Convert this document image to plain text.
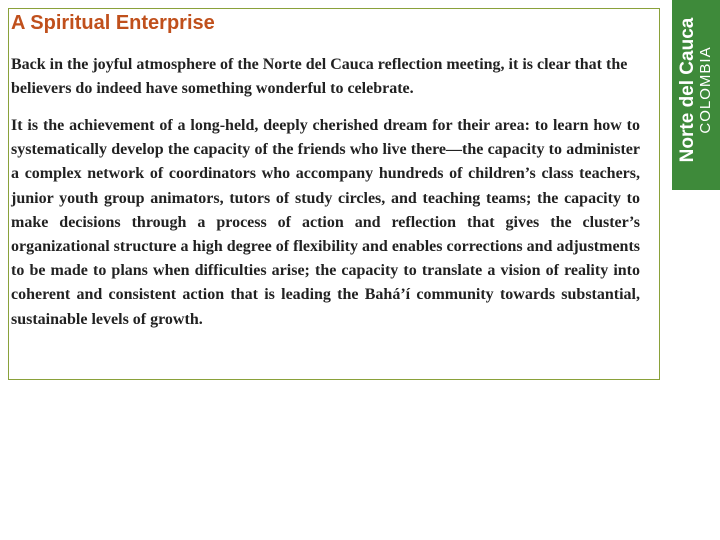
A Spiritual Enterprise

Back in the joyful atmosphere of the Norte del Cauca reflection meeting, it is clear that the believers do indeed have something wonderful to celebrate.

It is the achievement of a long-held, deeply cherished dream for their area: to learn how to systematically develop the capacity of the friends who live there—the capacity to administer a complex network of coordinators who accompany hundreds of children’s class teachers, junior youth group animators, tutors of study circles, and teaching teams; the capacity to make decisions through a process of action and reflection that gives the cluster’s organizational structure a high degree of flexibility and enables corrections and adjustments to be made to plans when difficulties arise; the capacity to translate a vision of reality into coherent and consistent action that is leading the Bahá’í community towards substantial, sustainable levels of growth.

Norte del Cauca COLOMBIA
